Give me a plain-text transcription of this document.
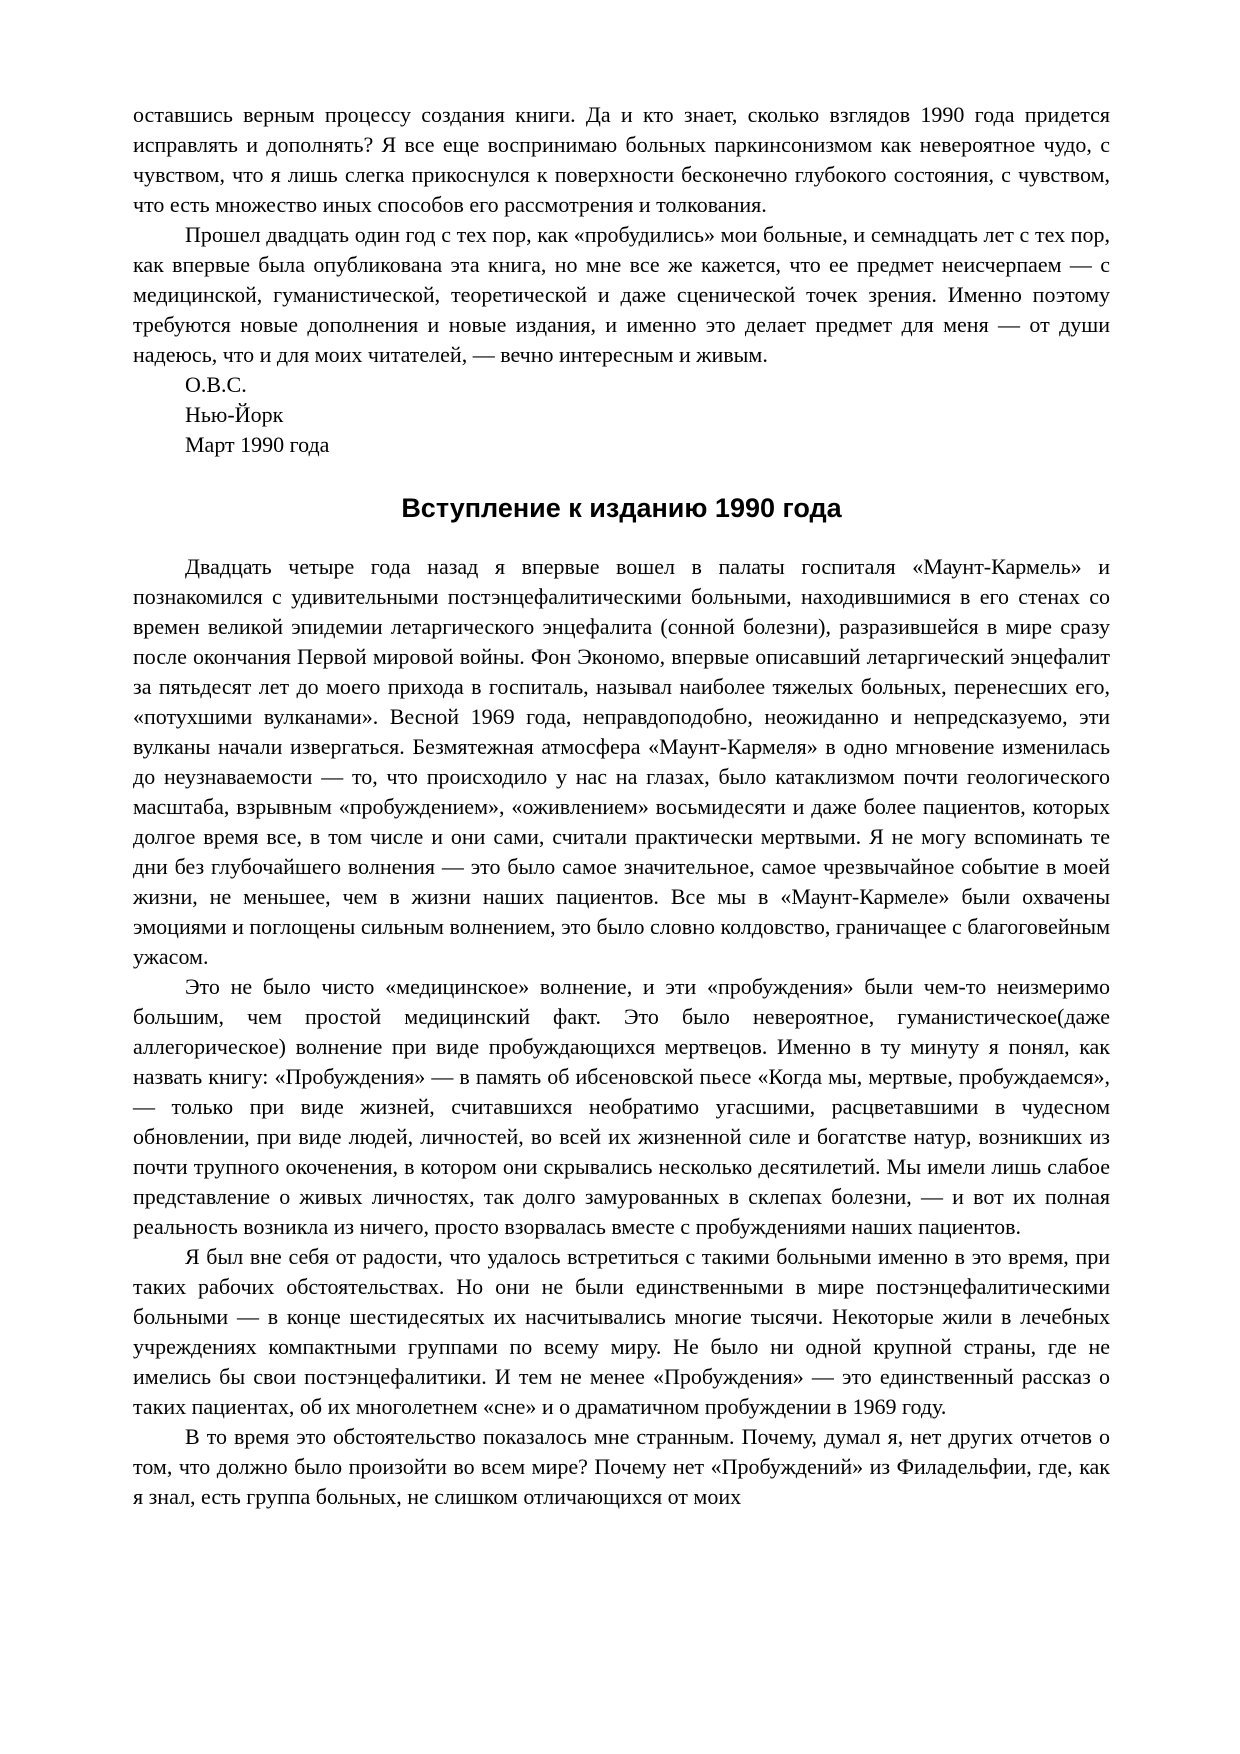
оставшись верным процессу создания книги. Да и кто знает, сколько взглядов 1990 года придется исправлять и дополнять? Я все еще воспринимаю больных паркинсонизмом как невероятное чудо, с чувством, что я лишь слегка прикоснулся к поверхности бесконечно глубокого состояния, с чувством, что есть множество иных способов его рассмотрения и толкования.

Прошел двадцать один год с тех пор, как «пробудились» мои больные, и семнадцать лет с тех пор, как впервые была опубликована эта книга, но мне все же кажется, что ее предмет неисчерпаем — с медицинской, гуманистической, теоретической и даже сценической точек зрения. Именно поэтому требуются новые дополнения и новые издания, и именно это делает предмет для меня — от души надеюсь, что и для моих читателей, — вечно интересным и живым.

О.В.С.

Нью-Йорк

Март 1990 года

Вступление к изданию 1990 года

Двадцать четыре года назад я впервые вошел в палаты госпиталя «Маунт-Кармель» и познакомился с удивительными постэнцефалитическими больными, находившимися в его стенах со времен великой эпидемии летаргического энцефалита (сонной болезни), разразившейся в мире сразу после окончания Первой мировой войны. Фон Экономо, впервые описавший летаргический энцефалит за пятьдесят лет до моего прихода в госпиталь, называл наиболее тяжелых больных, перенесших его, «потухшими вулканами». Весной 1969 года, неправдоподобно, неожиданно и непредсказуемо, эти вулканы начали извергаться. Безмятежная атмосфера «Маунт-Кармеля» в одно мгновение изменилась до неузнаваемости — то, что происходило у нас на глазах, было катаклизмом почти геологического масштаба, взрывным «пробуждением», «оживлением» восьмидесяти и даже более пациентов, которых долгое время все, в том числе и они сами, считали практически мертвыми. Я не могу вспоминать те дни без глубочайшего волнения — это было самое значительное, самое чрезвычайное событие в моей жизни, не меньшее, чем в жизни наших пациентов. Все мы в «Маунт-Кармеле» были охвачены эмоциями и поглощены сильным волнением, это было словно колдовство, граничащее с благоговейным ужасом.

Это не было чисто «медицинское» волнение, и эти «пробуждения» были чем-то неизмеримо большим, чем простой медицинский факт. Это было невероятное, гуманистическое(даже аллегорическое) волнение при виде пробуждающихся мертвецов. Именно в ту минуту я понял, как назвать книгу: «Пробуждения» — в память об ибсеновской пьесе «Когда мы, мертвые, пробуждаемся», — только при виде жизней, считавшихся необратимо угасшими, расцветавшими в чудесном обновлении, при виде людей, личностей, во всей их жизненной силе и богатстве натур, возникших из почти трупного окоченения, в котором они скрывались несколько десятилетий. Мы имели лишь слабое представление о живых личностях, так долго замурованных в склепах болезни, — и вот их полная реальность возникла из ничего, просто взорвалась вместе с пробуждениями наших пациентов.

Я был вне себя от радости, что удалось встретиться с такими больными именно в это время, при таких рабочих обстоятельствах. Но они не были единственными в мире постэнцефалитическими больными — в конце шестидесятых их насчитывались многие тысячи. Некоторые жили в лечебных учреждениях компактными группами по всему миру. Не было ни одной крупной страны, где не имелись бы свои постэнцефалитики. И тем не менее «Пробуждения» — это единственный рассказ о таких пациентах, об их многолетнем «сне» и о драматичном пробуждении в 1969 году.

В то время это обстоятельство показалось мне странным. Почему, думал я, нет других отчетов о том, что должно было произойти во всем мире? Почему нет «Пробуждений» из Филадельфии, где, как я знал, есть группа больных, не слишком отличающихся от моих
